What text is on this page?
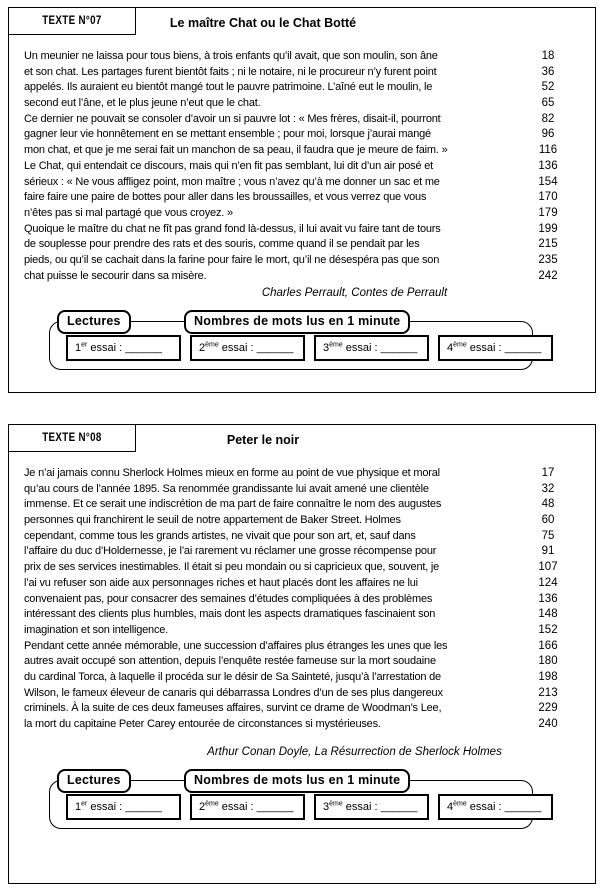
TEXTE N°07	Le maître Chat ou le Chat Botté
Un meunier ne laissa pour tous biens, à trois enfants qu’il avait, que son moulin, son âne	18
et son chat. Les partages furent bientôt faits ; ni le notaire, ni le procureur n’y furent point	36
appelés. Ils auraient eu bientôt mangé tout le pauvre patrimoine. L’aîné eut le moulin, le	52
second eut l’âne, et le plus jeune n’eut que le chat.	65
Ce dernier ne pouvait se consoler d’avoir un si pauvre lot : « Mes frères, disait-il, pourront	82
gagner leur vie honnêtement en se mettant ensemble ; pour moi, lorsque j’aurai mangé	96
mon chat, et que je me serai fait un manchon de sa peau, il faudra que je meure de faim. »	116
Le Chat, qui entendait ce discours, mais qui n’en fit pas semblant, lui dit d’un air posé et	136
sérieux : « Ne vous affligez point, mon maître ; vous n’avez qu’à me donner un sac et me	154
faire faire une paire de bottes pour aller dans les broussailles, et vous verrez que vous	170
n’êtes pas si mal partagé que vous croyez. »	179
Quoique le maître du chat ne fît pas grand fond là-dessus, il lui avait vu faire tant de tours	199
de souplesse pour prendre des rats et des souris, comme quand il se pendait par les	215
pieds, ou qu’il se cachait dans la farine pour faire le mort, qu’il ne désespéra pas que son	235
chat puisse le secourir dans sa misère.	242
Charles Perrault, Contes de Perrault
Lectures	Nombres de mots lus en 1 minute
1er essai : ______	2ème essai : ______	3ème essai : ______	4ème essai : ______
TEXTE N°08	Peter le noir
Je n’ai jamais connu Sherlock Holmes mieux en forme au point de vue physique et moral	17
qu’au cours de l’année 1895. Sa renommée grandissante lui avait amené une clientèle	32
immense. Et ce serait une indiscrétion de ma part de faire connaître le nom des augustes	48
personnes qui franchirent le seuil de notre appartement de Baker Street. Holmes	60
cependant, comme tous les grands artistes, ne vivait que pour son art, et, sauf dans	75
l’affaire du duc d’Holdernesse, je l’ai rarement vu réclamer une grosse récompense pour	91
prix de ses services inestimables. Il était si peu mondain ou si capricieux que, souvent, je	107
l’ai vu refuser son aide aux personnages riches et haut placés dont les affaires ne lui	124
convenaient pas, pour consacrer des semaines d’études compliquées à des problèmes	136
intéressant des clients plus humbles, mais dont les aspects dramatiques fascinaient son	148
imagination et son intelligence.	152
Pendant cette année mémorable, une succession d’affaires plus étranges les unes que les	166
autres avait occupé son attention, depuis l’enquête restée fameuse sur la mort soudaine	180
du cardinal Torca, à laquelle il procéda sur le désir de Sa Sainteté, jusqu’à l’arrestation de	198
Wilson, le fameux éleveur de canaris qui débarrassa Londres d’un de ses plus dangereux	213
criminels. À la suite de ces deux fameuses affaires, survint ce drame de Woodman’s Lee,	229
la mort du capitaine Peter Carey entourée de circonstances si mystérieuses.	240
Arthur Conan Doyle, La Résurrection de Sherlock Holmes
Lectures	Nombres de mots lus en 1 minute
1er essai : ______	2ème essai : ______	3ème essai : ______	4ème essai : ______
